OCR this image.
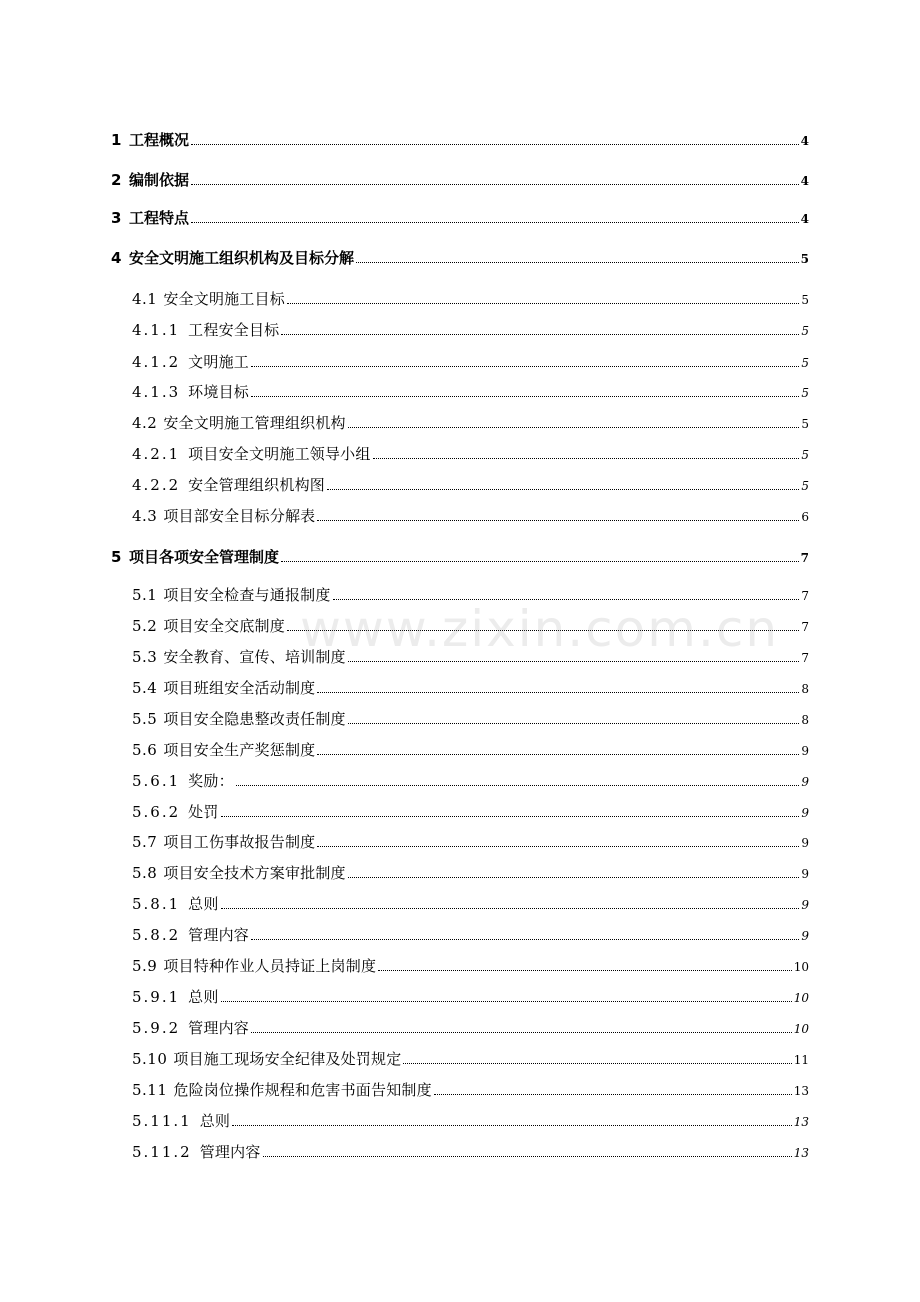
1 工程概况	4
2 编制依据	4
3 工程特点	4
4 安全文明施工组织机构及目标分解	5
4.1 安全文明施工目标	5
4.1.1 工程安全目标	5
4.1.2 文明施工	5
4.1.3 环境目标	5
4.2 安全文明施工管理组织机构	5
4.2.1 项目安全文明施工领导小组	5
4.2.2 安全管理组织机构图	5
4.3 项目部安全目标分解表	6
5 项目各项安全管理制度	7
5.1 项目安全检查与通报制度	7
5.2 项目安全交底制度	7
5.3 安全教育、宣传、培训制度	7
5.4 项目班组安全活动制度	8
5.5 项目安全隐患整改责任制度	8
5.6 项目安全生产奖惩制度	9
5.6.1 奖励：	9
5.6.2 处罚	9
5.7 项目工伤事故报告制度	9
5.8 项目安全技术方案审批制度	9
5.8.1 总则	9
5.8.2 管理内容	9
5.9 项目特种作业人员持证上岗制度	10
5.9.1 总则	10
5.9.2 管理内容	10
5.10 项目施工现场安全纪律及处罚规定	11
5.11 危险岗位操作规程和危害书面告知制度	13
5.11.1 总则	13
5.11.2 管理内容	13
www.zixin.com.cn
